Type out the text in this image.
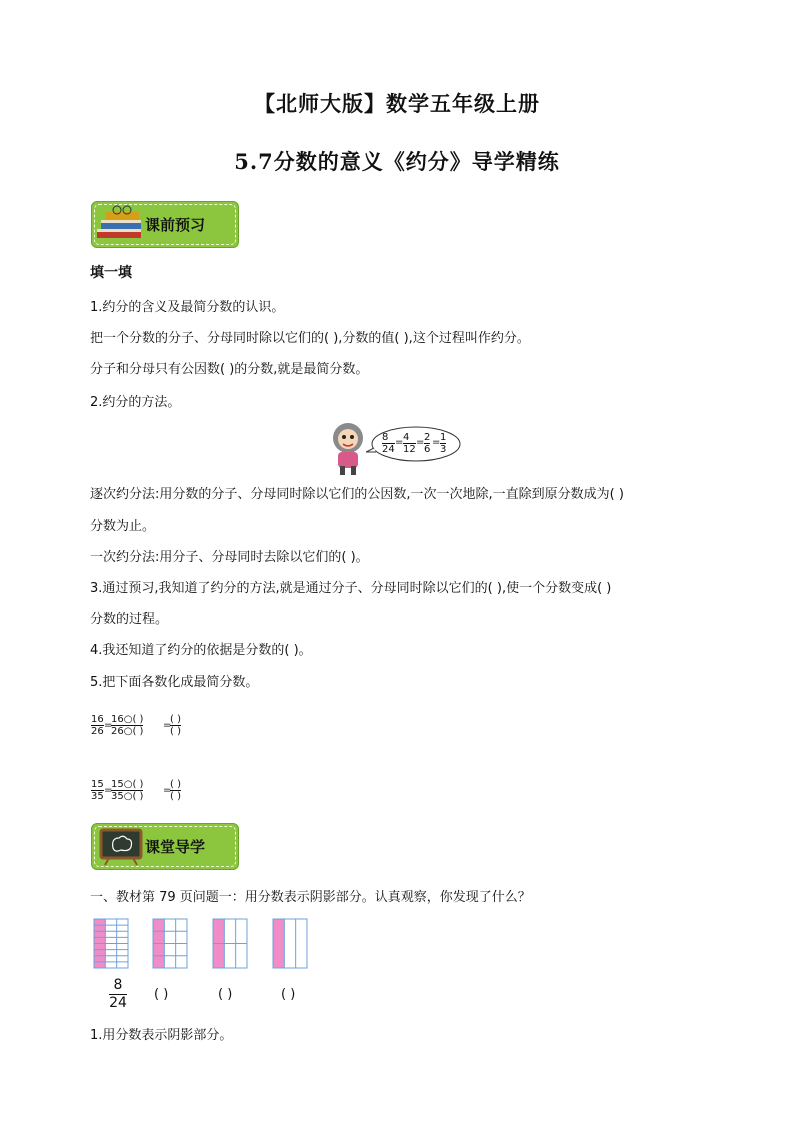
【北师大版】数学五年级上册
5.7分数的意义《约分》导学精练
课前预习
填一填
1.约分的含义及最简分数的认识。
把一个分数的分子、分母同时除以它们的( ),分数的值( ),这个过程叫作约分。
分子和分母只有公因数( )的分数,就是最简分数。
2.约分的方法。
$\frac{8}{24} = \frac{4}{12} = \frac{2}{6} = \frac{1}{3}$
逐次约分法:用分数的分子、分母同时除以它们的公因数,一次一次地除,一直除到原分数成为( )
分数为止。
一次约分法:用分子、分母同时去除以它们的( )。
3.通过预习,我知道了约分的方法,就是通过分子、分母同时除以它们的( ),使一个分数变成( )
分数的过程。
4.我还知道了约分的依据是分数的( )。
5.把下面各数化成最简分数。
$\frac{16}{26}$ =
$\frac{16○( )}{26○( )}$ =
( )
( )
$\frac{15}{35}$ =
$\frac{15○( )}{35○( )}$ =
( )
( )
课堂导学
一、教材第 79 页问题一：用分数表示阴影部分。认真观察，你发现了什么？
$\frac{8}{24}$ ( )	( )	( )
1.用分数表示阴影部分。
